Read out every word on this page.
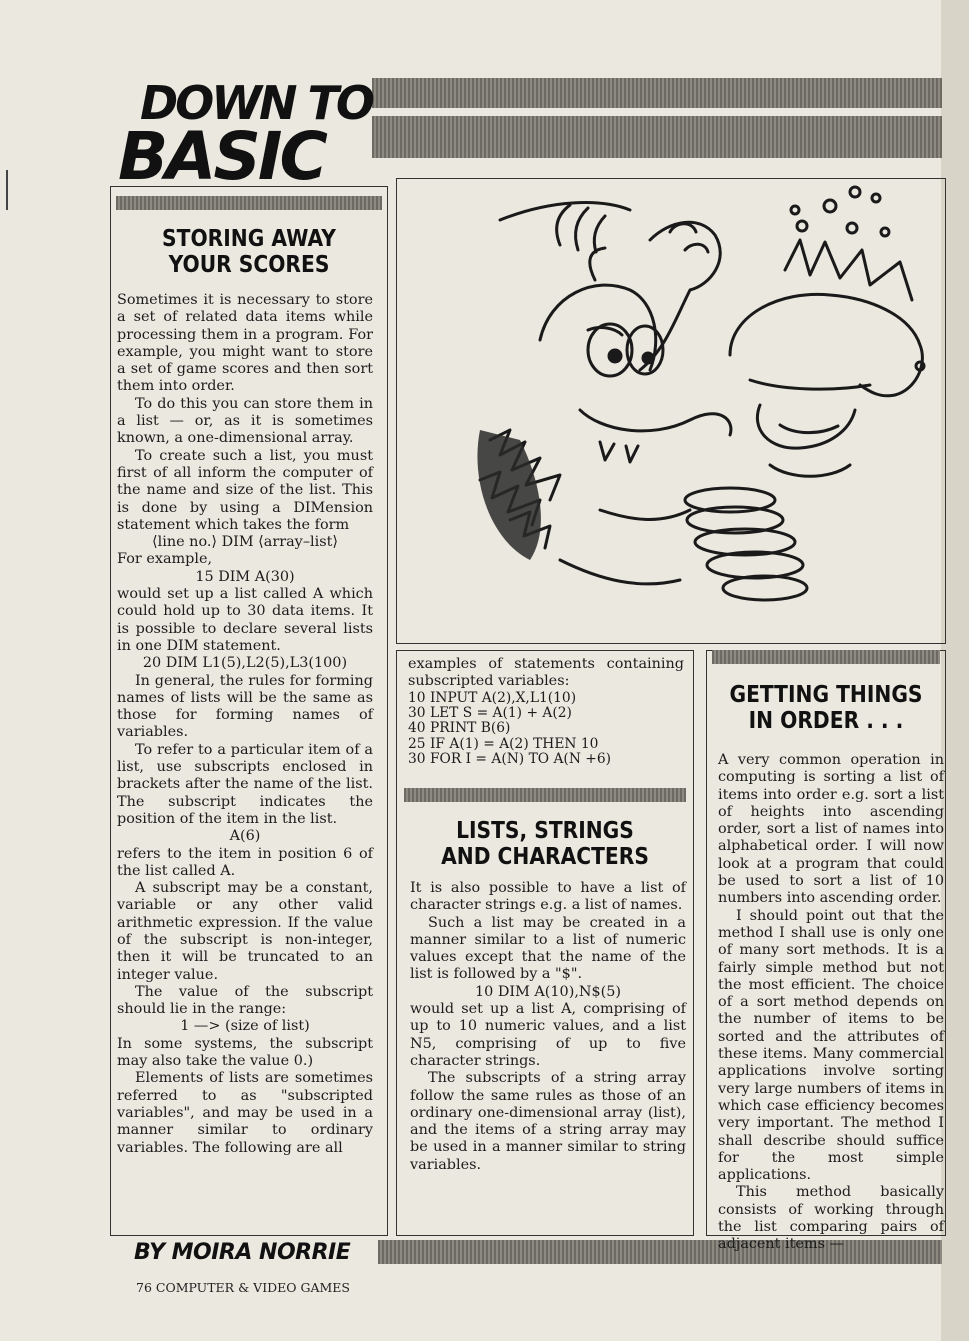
DOWN TO
BASIC
STORING AWAY
YOUR SCORES

Sometimes it is necessary to store a set of related data items while processing them in a program. For example, you might want to store a set of game scores and then sort them into order.

To do this you can store them in a list — or, as it is sometimes known, a one-dimensional array.

To create such a list, you must first of all inform the computer of the name and size of the list. This is done by using a DIMension statement which takes the form

⟨line no.⟩ DIM ⟨array–list⟩

For example,

15 DIM A(30)

would set up a list called A which could hold up to 30 data items. It is possible to declare several lists in one DIM statement.

20 DIM L1(5),L2(5),L3(100)

In general, the rules for forming names of lists will be the same as those for forming names of variables.

To refer to a particular item of a list, use subscripts enclosed in brackets after the name of the list. The subscript indicates the position of the item in the list.

A(6)

refers to the item in position 6 of the list called A.

A subscript may be a constant, variable or any other valid arithmetic expression. If the value of the subscript is non-integer, then it will be truncated to an integer value.

The value of the subscript should lie in the range:

1 —> (size of list)

In some systems, the subscript may also take the value 0.)

Elements of lists are sometimes referred to as "subscripted variables", and may be used in a manner similar to ordinary variables. The following are all

examples of statements containing subscripted variables:

10 INPUT A(2),X,L1(10)
30 LET S = A(1) + A(2)
40 PRINT B(6)
25 IF A(1) = A(2) THEN 10
30 FOR I = A(N) TO A(N +6)
LISTS, STRINGS
AND CHARACTERS

It is also possible to have a list of character strings e.g. a list of names.

Such a list may be created in a manner similar to a list of numeric values except that the name of the list is followed by a "$".

10 DIM A(10),N$(5)

would set up a list A, comprising of up to 10 numeric values, and a list N5, comprising of up to five character strings.

The subscripts of a string array follow the same rules as those of an ordinary one-dimensional array (list), and the items of a string array may be used in a manner similar to string variables.

GETTING THINGS
IN ORDER . . .

A very common operation in computing is sorting a list of items into order e.g. sort a list of heights into ascending order, sort a list of names into alphabetical order. I will now look at a program that could be used to sort a list of 10 numbers into ascending order.

I should point out that the method I shall use is only one of many sort methods. It is a fairly simple method but not the most efficient. The choice of a sort method depends on the number of items to be sorted and the attributes of these items. Many commercial applications involve sorting very large numbers of items in which case efficiency becomes very important. The method I shall describe should suffice for the most simple applications.

This method basically consists of working through the list comparing pairs of adjacent items —

BY MOIRA NORRIE
76 COMPUTER & VIDEO GAMES
